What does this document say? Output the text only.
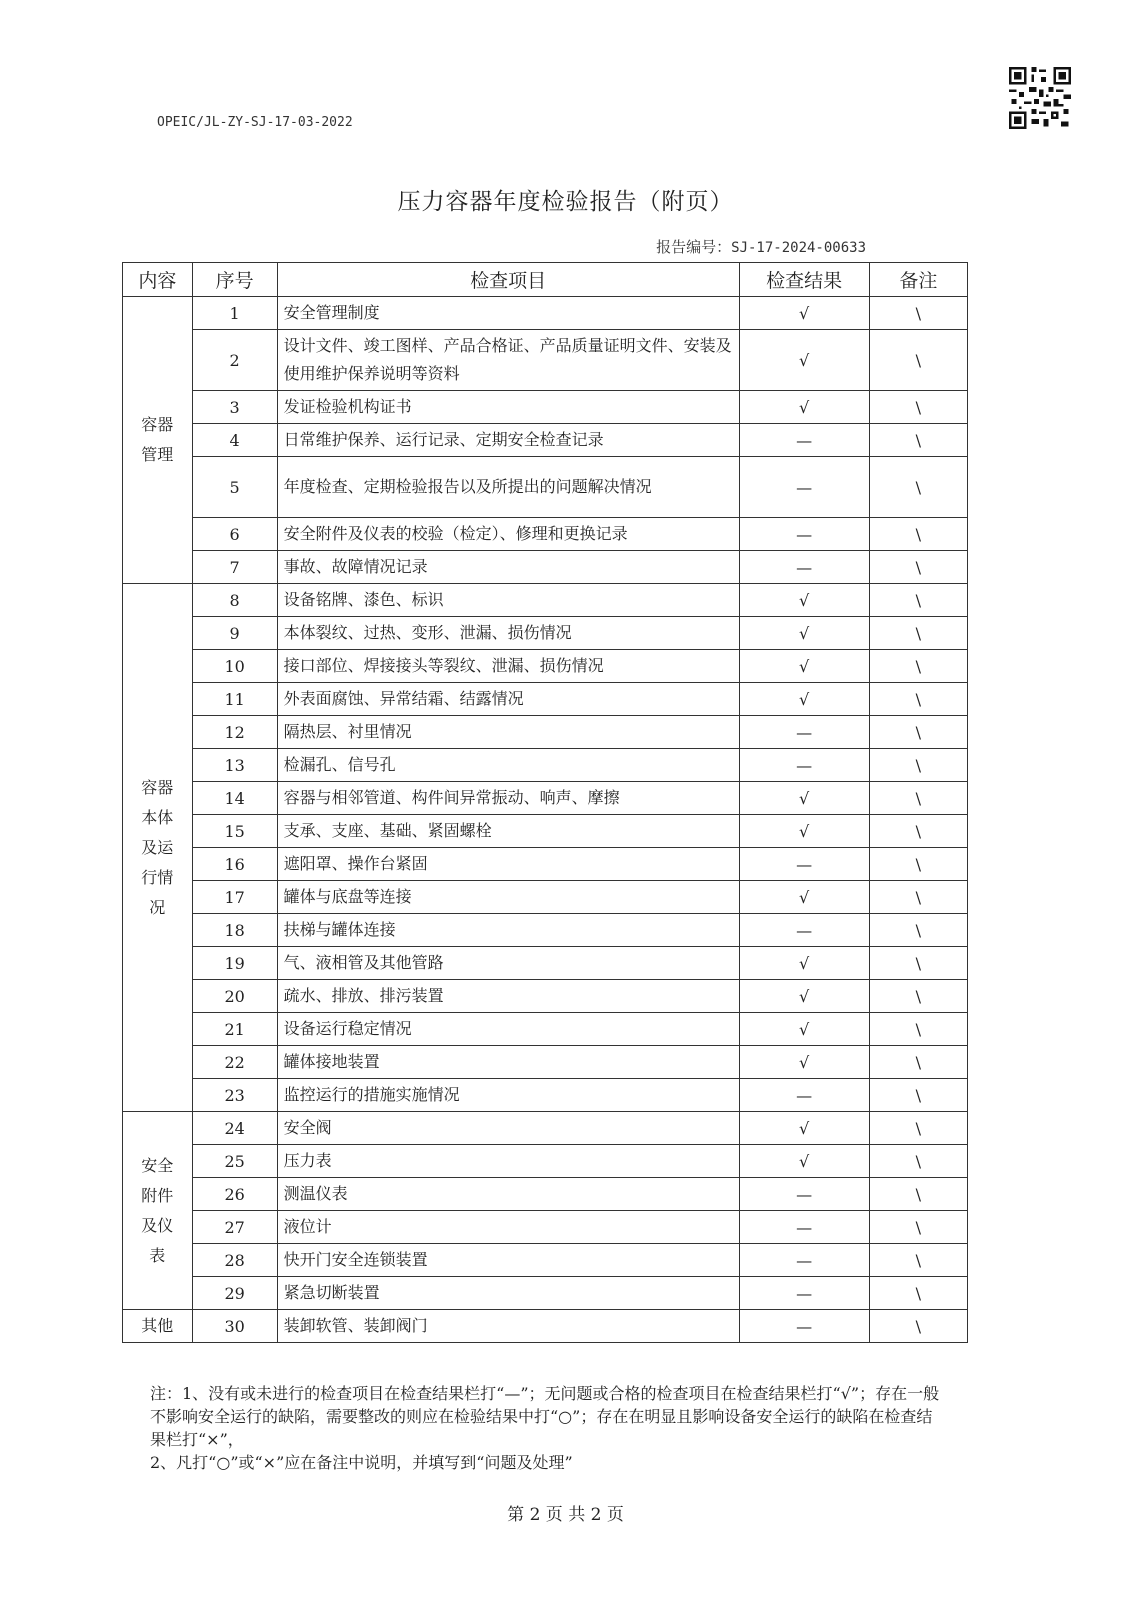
OPEIC/JL-ZY-SJ-17-03-2022
压力容器年度检验报告（附页）
报告编号：SJ-17-2024-00633
内容	序号	检查项目	检查结果	备注
容器管理	1	安全管理制度	√	\
	2	设计文件、竣工图样、产品合格证、产品质量证明文件、安装及使用维护保养说明等资料	√	\
	3	发证检验机构证书	√	\
	4	日常维护保养、运行记录、定期安全检查记录	—	\
	5	年度检查、定期检验报告以及所提出的问题解决情况	—	\
	6	安全附件及仪表的校验（检定）、修理和更换记录	—	\
	7	事故、故障情况记录	—	\
容器本体及运行情况	8	设备铭牌、漆色、标识	√	\
	9	本体裂纹、过热、变形、泄漏、损伤情况	√	\
	10	接口部位、焊接接头等裂纹、泄漏、损伤情况	√	\
	11	外表面腐蚀、异常结霜、结露情况	√	\
	12	隔热层、衬里情况	—	\
	13	检漏孔、信号孔	—	\
	14	容器与相邻管道、构件间异常振动、响声、摩擦	√	\
	15	支承、支座、基础、紧固螺栓	√	\
	16	遮阳罩、操作台紧固	—	\
	17	罐体与底盘等连接	√	\
	18	扶梯与罐体连接	—	\
	19	气、液相管及其他管路	√	\
	20	疏水、排放、排污装置	√	\
	21	设备运行稳定情况	√	\
	22	罐体接地装置	√	\
	23	监控运行的措施实施情况	—	\
安全附件及仪表	24	安全阀	√	\
	25	压力表	√	\
	26	测温仪表	—	\
	27	液位计	—	\
	28	快开门安全连锁装置	—	\
	29	紧急切断装置	—	\
其他	30	装卸软管、装卸阀门	—	\
注：1、没有或未进行的检查项目在检查结果栏打“—”；无问题或合格的检查项目在检查结果栏打“√”；存在一般不影响安全运行的缺陷，需要整改的则应在检验结果中打“○”；存在在明显且影响设备安全运行的缺陷在检查结果栏打“×”，
2、凡打“○”或“×”应在备注中说明，并填写到“问题及处理”
第 2 页 共 2 页
